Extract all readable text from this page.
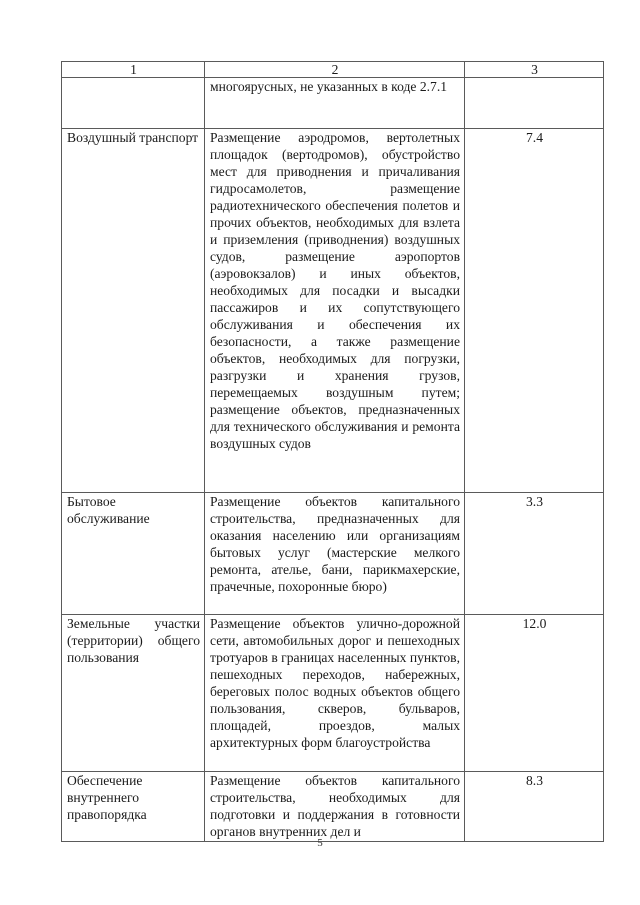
1	2	3
	многоярусных, не указанных в коде 2.7.1	
Воздушный транспорт	Размещение аэродромов, вертолетных площадок (вертодромов), обустройство мест для приводнения и причаливания гидросамолетов, размещение радиотехнического обеспечения полетов и прочих объектов, необходимых для взлета и приземления (приводнения) воздушных судов, размещение аэропортов (аэровокзалов) и иных объектов, необходимых для посадки и высадки пассажиров и их сопутствующего обслуживания и обеспечения их безопасности, а также размещение объектов, необходимых для погрузки, разгрузки и хранения грузов, перемещаемых воздушным путем; размещение объектов, предназначенных для технического обслуживания и ремонта воздушных судов	7.4
Бытовое обслуживание	Размещение объектов капитального строительства, предназначенных для оказания населению или организациям бытовых услуг (мастерские мелкого ремонта, ателье, бани, парикмахерские, прачечные, похоронные бюро)	3.3
Земельные участки (территории) общего пользования	Размещение объектов улично-дорожной сети, автомобильных дорог и пешеходных тротуаров в границах населенных пунктов, пешеходных переходов, набережных, береговых полос водных объектов общего пользования, скверов, бульваров, площадей, проездов, малых архитектурных форм благоустройства	12.0
Обеспечение внутреннего правопорядка	Размещение объектов капитального строительства, необходимых для подготовки и поддержания в готовности органов внутренних дел и	8.3
5
